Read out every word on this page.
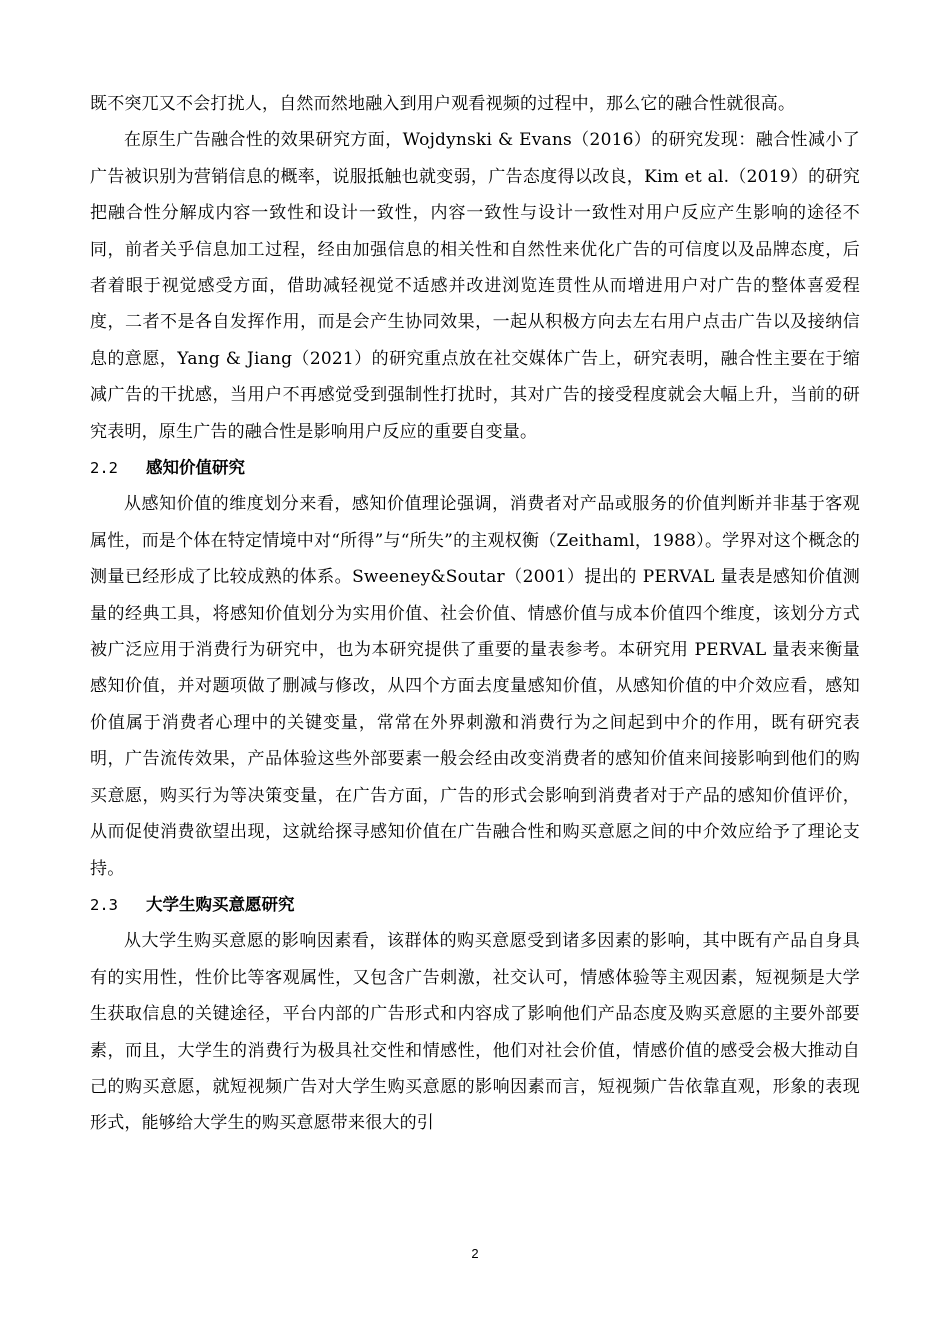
既不突兀又不会打扰人，自然而然地融入到用户观看视频的过程中，那么它的融合性就很高。

在原生广告融合性的效果研究方面，Wojdynski & Evans（2016）的研究发现：融合性减小了广告被识别为营销信息的概率，说服抵触也就变弱，广告态度得以改良，Kim et al.（2019）的研究把融合性分解成内容一致性和设计一致性，内容一致性与设计一致性对用户反应产生影响的途径不同，前者关乎信息加工过程，经由加强信息的相关性和自然性来优化广告的可信度以及品牌态度，后者着眼于视觉感受方面，借助减轻视觉不适感并改进浏览连贯性从而增进用户对广告的整体喜爱程度，二者不是各自发挥作用，而是会产生协同效果，一起从积极方向去左右用户点击广告以及接纳信息的意愿，Yang & Jiang（2021）的研究重点放在社交媒体广告上，研究表明，融合性主要在于缩减广告的干扰感，当用户不再感觉受到强制性打扰时，其对广告的接受程度就会大幅上升，当前的研究表明，原生广告的融合性是影响用户反应的重要自变量。

2.2	感知价值研究

从感知价值的维度划分来看，感知价值理论强调，消费者对产品或服务的价值判断并非基于客观属性，而是个体在特定情境中对“所得”与“所失”的主观权衡（Zeithaml，1988）。学界对这个概念的测量已经形成了比较成熟的体系。Sweeney&Soutar（2001）提出的 PERVAL 量表是感知价值测量的经典工具，将感知价值划分为实用价值、社会价值、情感价值与成本价值四个维度，该划分方式被广泛应用于消费行为研究中，也为本研究提供了重要的量表参考。本研究用 PERVAL 量表来衡量感知价值，并对题项做了删减与修改，从四个方面去度量感知价值，从感知价值的中介效应看，感知价值属于消费者心理中的关键变量，常常在外界刺激和消费行为之间起到中介的作用，既有研究表明，广告流传效果，产品体验这些外部要素一般会经由改变消费者的感知价值来间接影响到他们的购买意愿，购买行为等决策变量，在广告方面，广告的形式会影响到消费者对于产品的感知价值评价，从而促使消费欲望出现，这就给探寻感知价值在广告融合性和购买意愿之间的中介效应给予了理论支持。

2.3	大学生购买意愿研究

从大学生购买意愿的影响因素看，该群体的购买意愿受到诸多因素的影响，其中既有产品自身具有的实用性，性价比等客观属性，又包含广告刺激，社交认可，情感体验等主观因素，短视频是大学生获取信息的关键途径，平台内部的广告形式和内容成了影响他们产品态度及购买意愿的主要外部要素，而且，大学生的消费行为极具社交性和情感性，他们对社会价值，情感价值的感受会极大推动自己的购买意愿，就短视频广告对大学生购买意愿的影响因素而言，短视频广告依靠直观，形象的表现形式，能够给大学生的购买意愿带来很大的引

2
